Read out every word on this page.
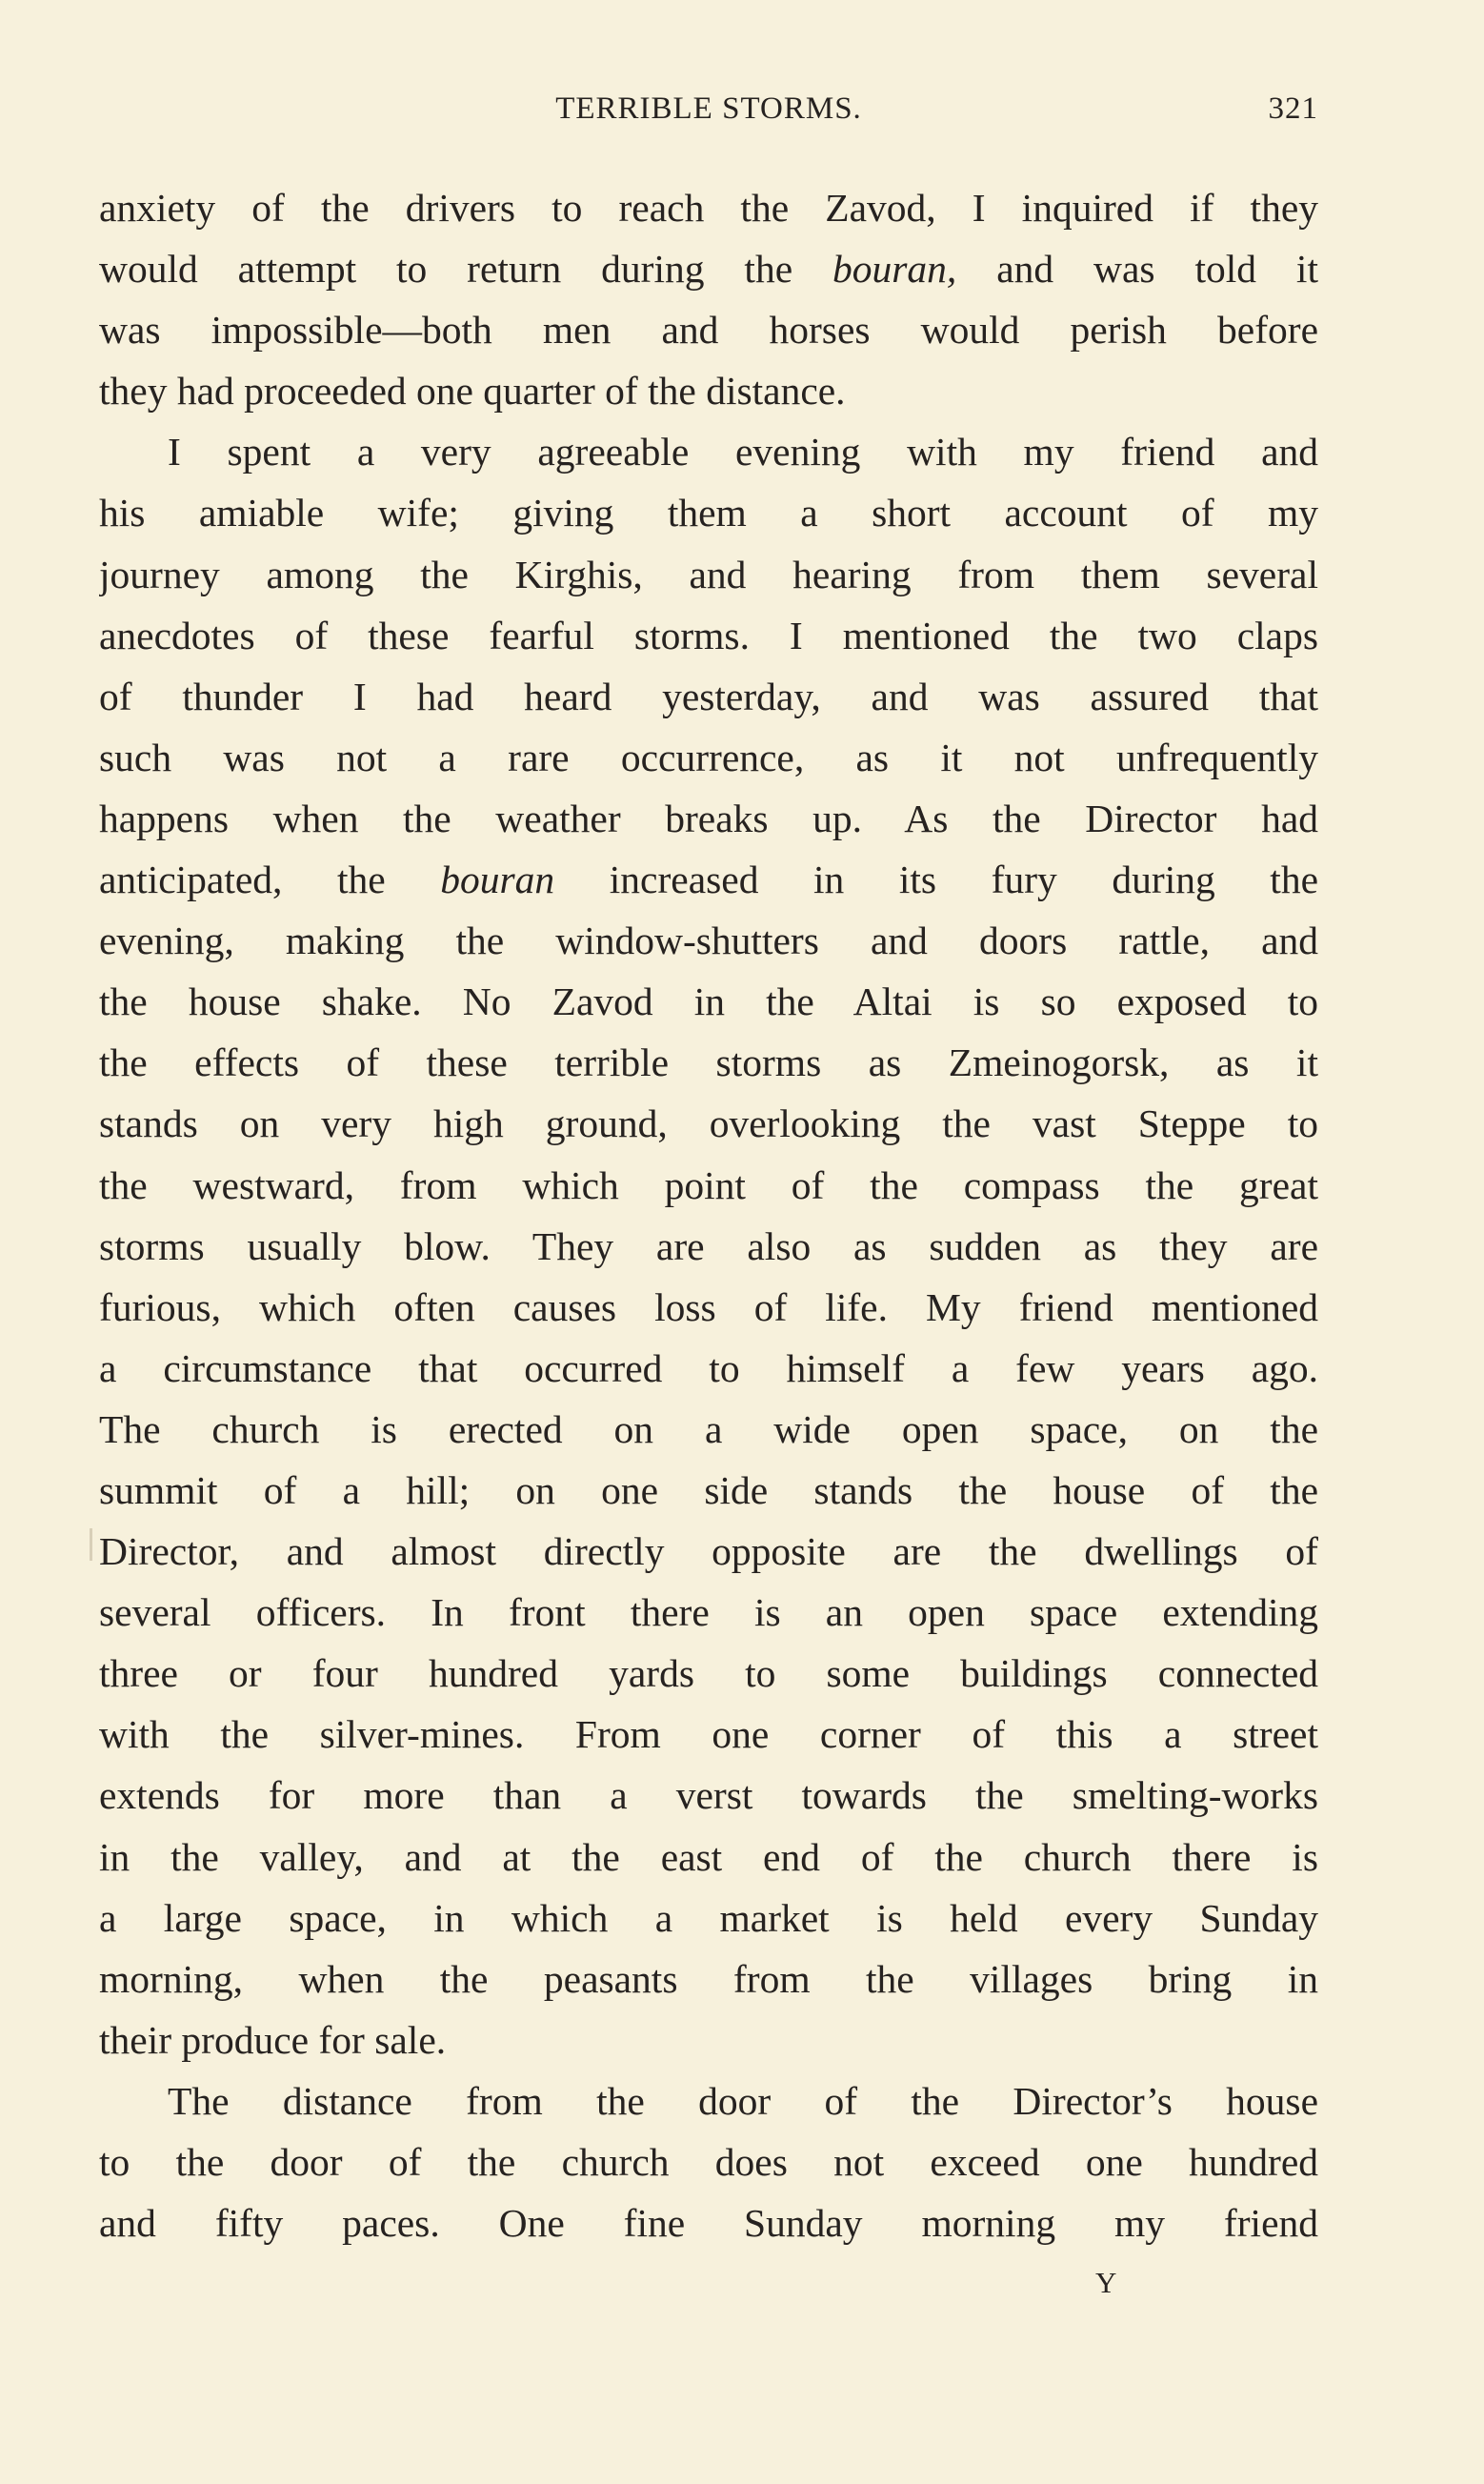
TERRIBLE STORMS.	321
anxiety of the drivers to reach the Zavod, I inquired if they
would attempt to return during the bouran, and was told it
was impossible—both men and horses would perish before
they had proceeded one quarter of the distance.
I spent a very agreeable evening with my friend and
his amiable wife; giving them a short account of my
journey among the Kirghis, and hearing from them several
anecdotes of these fearful storms. I mentioned the two claps
of thunder I had heard yesterday, and was assured that
such was not a rare occurrence, as it not unfrequently
happens when the weather breaks up. As the Director had
anticipated, the bouran increased in its fury during the
evening, making the window-shutters and doors rattle, and
the house shake. No Zavod in the Altai is so exposed to
the effects of these terrible storms as Zmeinogorsk, as it
stands on very high ground, overlooking the vast Steppe to
the westward, from which point of the compass the great
storms usually blow. They are also as sudden as they are
furious, which often causes loss of life. My friend mentioned
a circumstance that occurred to himself a few years ago.
The church is erected on a wide open space, on the
summit of a hill; on one side stands the house of the
Director, and almost directly opposite are the dwellings of
several officers. In front there is an open space extending
three or four hundred yards to some buildings connected
with the silver-mines. From one corner of this a street
extends for more than a verst towards the smelting-works
in the valley, and at the east end of the church there is
a large space, in which a market is held every Sunday
morning, when the peasants from the villages bring in
their produce for sale.
The distance from the door of the Director’s house
to the door of the church does not exceed one hundred
and fifty paces. One fine Sunday morning my friend
Y
